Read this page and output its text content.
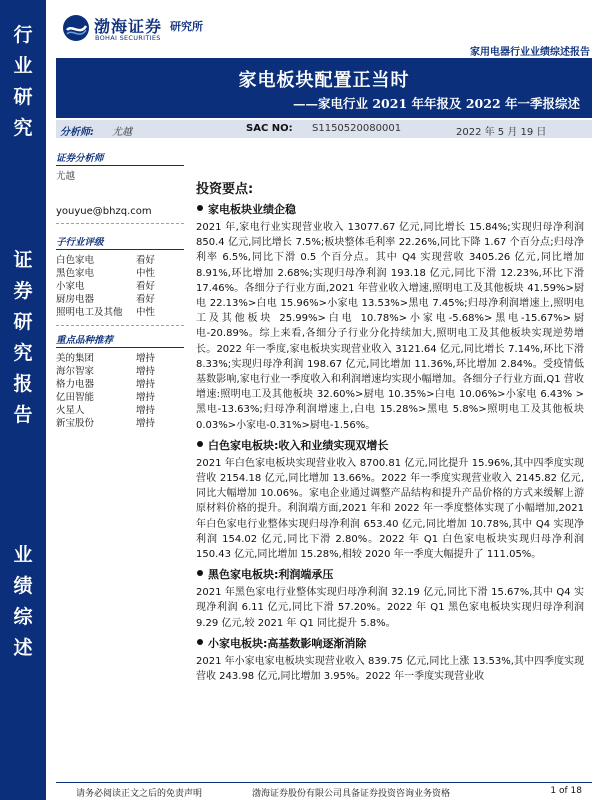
行
业
研
究
证
券
研
究
报
告
业
绩
综
述
渤海证券
BOHAI SECURITIES
研究所
家用电器行业业绩综述报告
家电板块配置正当时
——家电行业 2021 年年报及 2022 年一季报综述
分析师: 尤越	SAC NO: S1150520080001	2022 年 5 月 19 日
证券分析师
尤越
youyue@bhzq.com
子行业评级
白色家电	看好
黑色家电	中性
小家电	看好
厨房电器	看好
照明电工及其他	中性
重点品种推荐
美的集团	增持
海尔智家	增持
格力电器	增持
亿田智能	增持
火星人	增持
新宝股份	增持
投资要点:
家电板块业绩企稳
2021 年,家电行业实现营业收入 13077.67 亿元,同比增长 15.84%;实现归母净利润 850.4 亿元,同比增长 7.5%;板块整体毛利率 22.26%,同比下降 1.67 个百分点;归母净利率 6.5%,同比下滑 0.5 个百分点。其中 Q4 实现营收 3405.26 亿元,同比增加 8.91%,环比增加 2.68%;实现归母净利润 193.18 亿元,同比下滑 12.23%,环比下滑 17.46%。各细分子行业方面,2021 年营业收入增速,照明电工及其他板块 41.59%>厨电 22.13%>白电 15.96%>小家电 13.53%>黑电 7.45%;归母净利润增速上,照明电工及其他板块 25.99%>白电 10.78%>小家电-5.68%>黑电-15.67%>厨电-20.89%。综上来看,各细分子行业分化持续加大,照明电工及其他板块实现逆势增长。2022 年一季度,家电板块实现营业收入 3121.64 亿元,同比增长 7.14%,环比下滑 8.33%;实现归母净利润 198.67 亿元,同比增加 11.36%,环比增加 2.84%。受疫情低基数影响,家电行业一季度收入和利润增速均实现小幅增加。各细分子行业方面,Q1 营收增速:照明电工及其他板块 32.60%>厨电 10.35%>白电 10.06%>小家电 6.43% >黑电-13.63%;归母净利润增速上,白电 15.28%>黑电 5.8%>照明电工及其他板块 0.03%>小家电-0.31%>厨电-1.56%。
白色家电板块:收入和业绩实现双增长
2021 年白色家电板块实现营业收入 8700.81 亿元,同比提升 15.96%,其中四季度实现营收 2154.18 亿元,同比增加 13.66%。2022 年一季度实现营业收入 2145.82 亿元,同比大幅增加 10.06%。家电企业通过调整产品结构和提升产品价格的方式来缓解上游原材料价格的提升。利润端方面,2021 年和 2022 年一季度整体实现了小幅增加,2021 年白色家电行业整体实现归母净利润 653.40 亿元,同比增加 10.78%,其中 Q4 实现净利润 154.02 亿元,同比下滑 2.80%。2022 年 Q1 白色家电板块实现归母净利润 150.43 亿元,同比增加 15.28%,相较 2020 年一季度大幅提升了 111.05%。
黑色家电板块:利润端承压
2021 年黑色家电行业整体实现归母净利润 32.19 亿元,同比下滑 15.67%,其中 Q4 实现净利润 6.11 亿元,同比下滑 57.20%。2022 年 Q1 黑色家电板块实现归母净利润 9.29 亿元,较 2021 年 Q1 同比提升 5.8%。
小家电板块:高基数影响逐渐消除
2021 年小家电家电板块实现营业收入 839.75 亿元,同比上涨 13.53%,其中四季度实现营收 243.98 亿元,同比增加 3.95%。2022 年一季度实现营业收
请务必阅读正文之后的免责声明	渤海证券股份有限公司具备证券投资咨询业务资格	1 of 18
